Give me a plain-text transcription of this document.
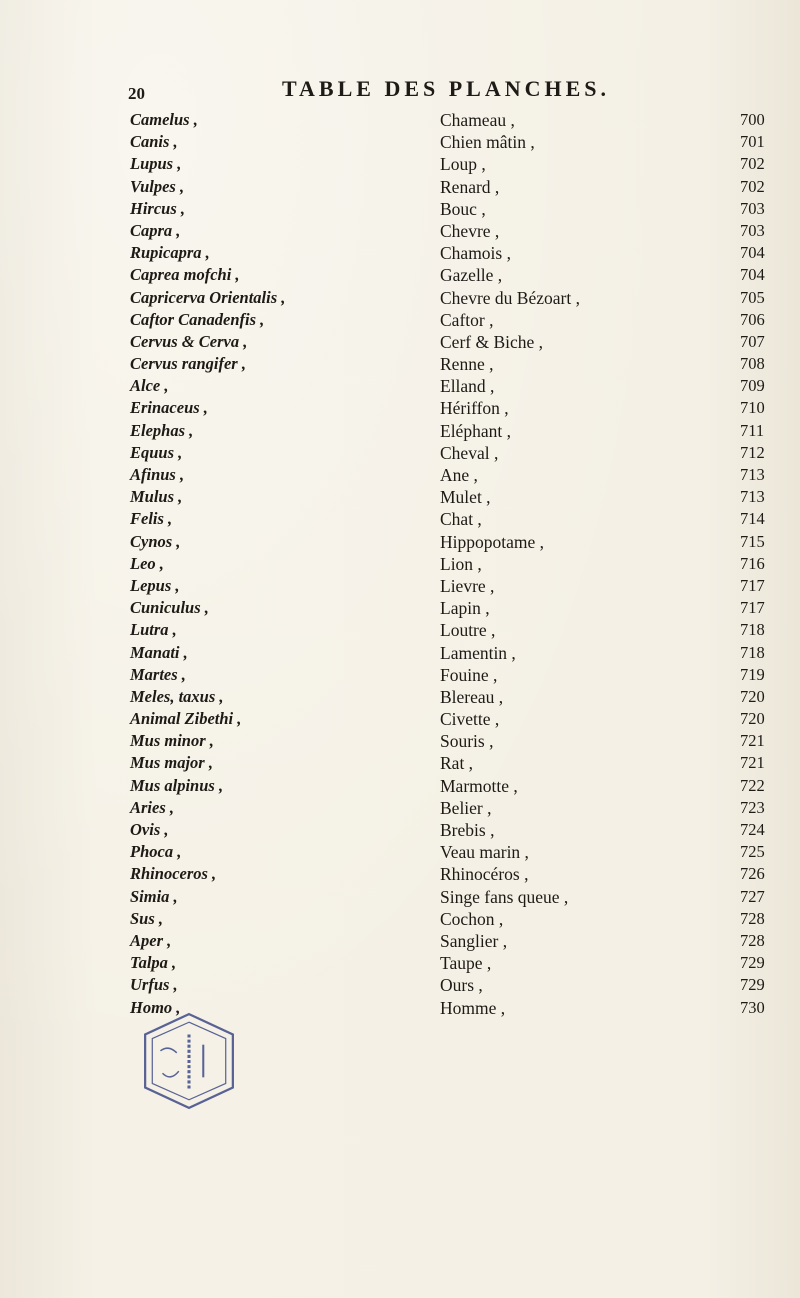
20	TABLE DES PLANCHES.
Camelus ,	Chameau ,	700
Canis ,	Chien mâtin ,	701
Lupus ,	Loup ,	702
Vulpes ,	Renard ,	702
Hircus ,	Bouc ,	703
Capra ,	Chevre ,	703
Rupicapra ,	Chamois ,	704
Caprea mofchi ,	Gazelle ,	704
Capricerva Orientalis ,	Chevre du Bézoart ,	705
Caftor Canadenfis ,	Caftor ,	706
Cervus & Cerva ,	Cerf & Biche ,	707
Cervus rangifer ,	Renne ,	708
Alce ,	Elland ,	709
Erinaceus ,	Hériffon ,	710
Elephas ,	Eléphant ,	711
Equus ,	Cheval ,	712
Afinus ,	Ane ,	713
Mulus ,	Mulet ,	713
Felis ,	Chat ,	714
Cynos ,	Hippopotame ,	715
Leo ,	Lion ,	716
Lepus ,	Lievre ,	717
Cuniculus ,	Lapin ,	717
Lutra ,	Loutre ,	718
Manati ,	Lamentin ,	718
Martes ,	Fouine ,	719
Meles, taxus ,	Blereau ,	720
Animal Zibethi ,	Civette ,	720
Mus minor ,	Souris ,	721
Mus major ,	Rat ,	721
Mus alpinus ,	Marmotte ,	722
Aries ,	Belier ,	723
Ovis ,	Brebis ,	724
Phoca ,	Veau marin ,	725
Rhinoceros ,	Rhinocéros ,	726
Simia ,	Singe fans queue ,	727
Sus ,	Cochon ,	728
Aper ,	Sanglier ,	728
Talpa ,	Taupe ,	729
Urfus ,	Ours ,	729
Homo ,	Homme ,	730
